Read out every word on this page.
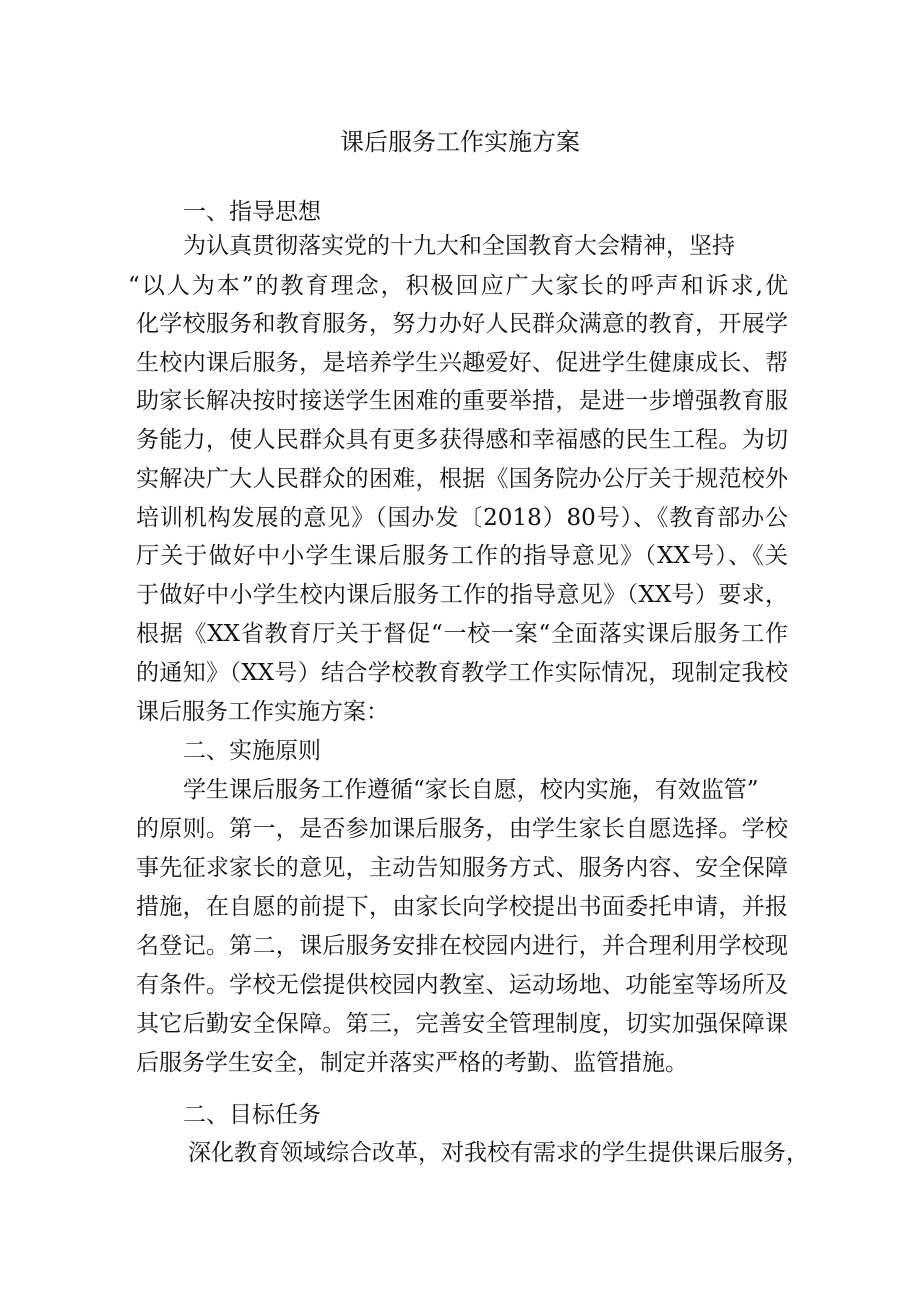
课后服务工作实施方案

一、指导思想

为认真贯彻落实党的十九大和全国教育大会精神，坚持

“以人为本”的教育理念，积极回应广大家长的呼声和诉求,优

化学校服务和教育服务，努力办好人民群众满意的教育，开展学

生校内课后服务，是培养学生兴趣爱好、促进学生健康成长、帮

助家长解决按时接送学生困难的重要举措，是进一步增强教育服

务能力，使人民群众具有更多获得感和幸福感的民生工程。为切

实解决广大人民群众的困难，根据《国务院办公厅关于规范校外

培训机构发展的意见》（国办发〔2018）80号）、《教育部办公

厅关于做好中小学生课后服务工作的指导意见》（XX号）、《关

于做好中小学生校内课后服务工作的指导意见》（XX号）要求，

根据《XX省教育厅关于督促“一校一案“全面落实课后服务工作

的通知》（XX号）结合学校教育教学工作实际情况，现制定我校

课后服务工作实施方案：

二、实施原则

学生课后服务工作遵循“家长自愿，校内实施，有效监管”

的原则。第一，是否参加课后服务，由学生家长自愿选择。学校

事先征求家长的意见，主动告知服务方式、服务内容、安全保障

措施，在自愿的前提下，由家长向学校提出书面委托申请，并报

名登记。第二，课后服务安排在校园内进行，并合理利用学校现

有条件。学校无偿提供校园内教室、运动场地、功能室等场所及

其它后勤安全保障。第三，完善安全管理制度，切实加强保障课

后服务学生安全，制定并落实严格的考勤、监管措施。

二、目标任务

深化教育领域综合改革，对我校有需求的学生提供课后服务，
